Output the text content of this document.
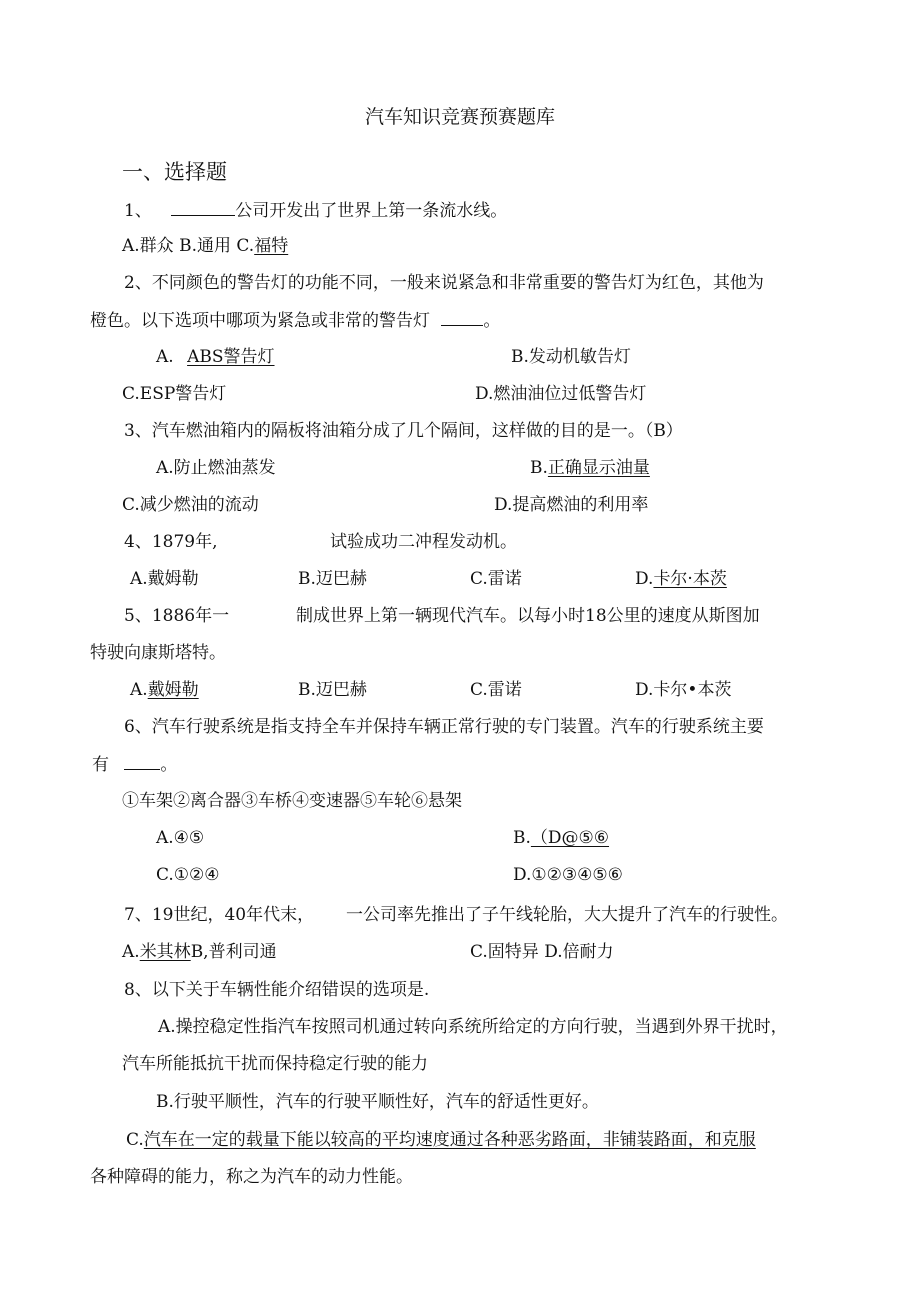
汽车知识竞赛预赛题库
一、选择题
1、	公司开发出了世界上第一条流水线。
A.群众 B.通用 C.福特
2、不同颜色的警告灯的功能不同，一般来说紧急和非常重要的警告灯为红色，其他为
橙色。以下选项中哪项为紧急或非常的警告灯	。
A. ABS警告灯	B.发动机敏告灯
C.ESP警告灯	D.燃油油位过低警告灯
3、汽车燃油箱内的隔板将油箱分成了几个隔间，这样做的目的是一。（B）
A.防止燃油蒸发	B.正确显示油量
C.减少燃油的流动	D.提高燃油的利用率
4、1879年,	试验成功二冲程发动机。
A.戴姆勒	B.迈巴赫	C.雷诺	D.卡尔·本茨
5、1886年一	制成世界上第一辆现代汽车。以每小时18公里的速度从斯图加
特驶向康斯塔特。
A.戴姆勒	B.迈巴赫	C.雷诺	D.卡尔•本茨
6、汽车行驶系统是指支持全车并保持车辆正常行驶的专门装置。汽车的行驶系统主要
有	。
①车架②离合器③车桥④变速器⑤车轮⑥悬架
A.④⑤	B.（D@⑤⑥
C.①②④	D.①②③④⑤⑥
7、19世纪，40年代末， 一公司率先推出了子午线轮胎，大大提升了汽车的行驶性。
A.米其林B,普利司通	C.固特异 D.倍耐力
8、以下关于车辆性能介绍错误的选项是.
A.操控稳定性指汽车按照司机通过转向系统所给定的方向行驶，当遇到外界干扰时，
汽车所能抵抗干扰而保持稳定行驶的能力
B.行驶平顺性，汽车的行驶平顺性好，汽车的舒适性更好。
C.汽车在一定的载量下能以较高的平均速度通过各种恶劣路面，非铺装路面，和克服
各种障碍的能力，称之为汽车的动力性能。
